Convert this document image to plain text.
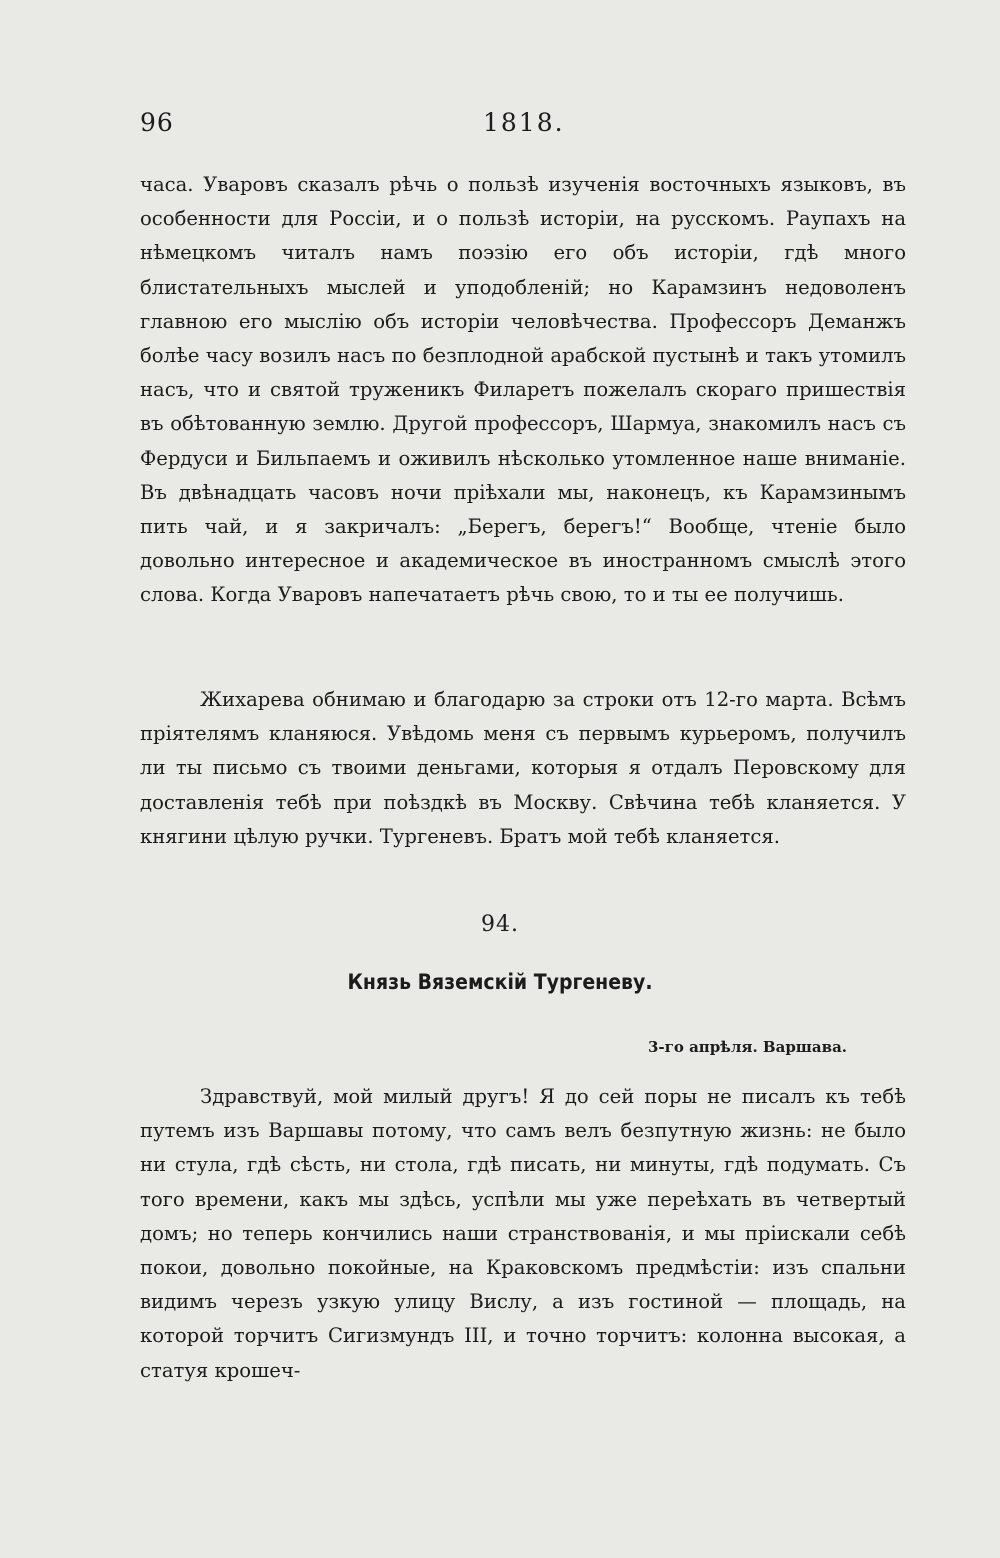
96	1818.

часа. Уваровъ сказалъ рѣчь о пользѣ изученія восточныхъ языковъ, въ особенности для Россіи, и о пользѣ исторіи, на русскомъ. Раупахъ на нѣмецкомъ читалъ намъ поэзію его объ исторіи, гдѣ много блистательныхъ мыслей и уподобленій; но Карамзинъ недоволенъ главною его мыслію объ исторіи человѣчества. Профессоръ Деманжъ болѣе часу возилъ насъ по безплодной арабской пустынѣ и такъ утомилъ насъ, что и святой труженикъ Филаретъ пожелалъ скораго пришествія въ обѣтованную землю. Другой профессоръ, Шармуа, знакомилъ насъ съ Фердуси и Бильпаемъ и оживилъ нѣсколько утомленное наше вниманіе. Въ двѣнадцать часовъ ночи пріѣхали мы, наконецъ, къ Карамзинымъ пить чай, и я закричалъ: „Берегъ, берегъ!“ Вообще, чтеніе было довольно интересное и академическое въ иностранномъ смыслѣ этого слова. Когда Уваровъ напечатаетъ рѣчь свою, то и ты ее получишь.

Жихарева обнимаю и благодарю за строки отъ 12-го марта. Всѣмъ пріятелямъ кланяюся. Увѣдомь меня съ первымъ курьеромъ, получилъ ли ты письмо съ твоими деньгами, которыя я отдалъ Перовскому для доставленія тебѣ при поѣздкѣ въ Москву. Свѣчина тебѣ кланяется. У княгини цѣлую ручки. Тургеневъ. Братъ мой тебѣ кланяется.

94.
Князь Вяземскій Тургеневу.
3-го апрѣля. Варшава.

Здравствуй, мой милый другъ! Я до сей поры не писалъ къ тебѣ путемъ изъ Варшавы потому, что самъ велъ безпутную жизнь: не было ни стула, гдѣ сѣсть, ни стола, гдѣ писать, ни минуты, гдѣ подумать. Съ того времени, какъ мы здѣсь, успѣли мы уже переѣхать въ четвертый домъ; но теперь кончились наши странствованія, и мы пріискали себѣ покои, довольно покойные, на Краковскомъ предмѣстіи: изъ спальни видимъ черезъ узкую улицу Вислу, а изъ гостиной — площадь, на которой торчитъ Сигизмундъ III, и точно торчитъ: колонна высокая, а статуя крошеч-
